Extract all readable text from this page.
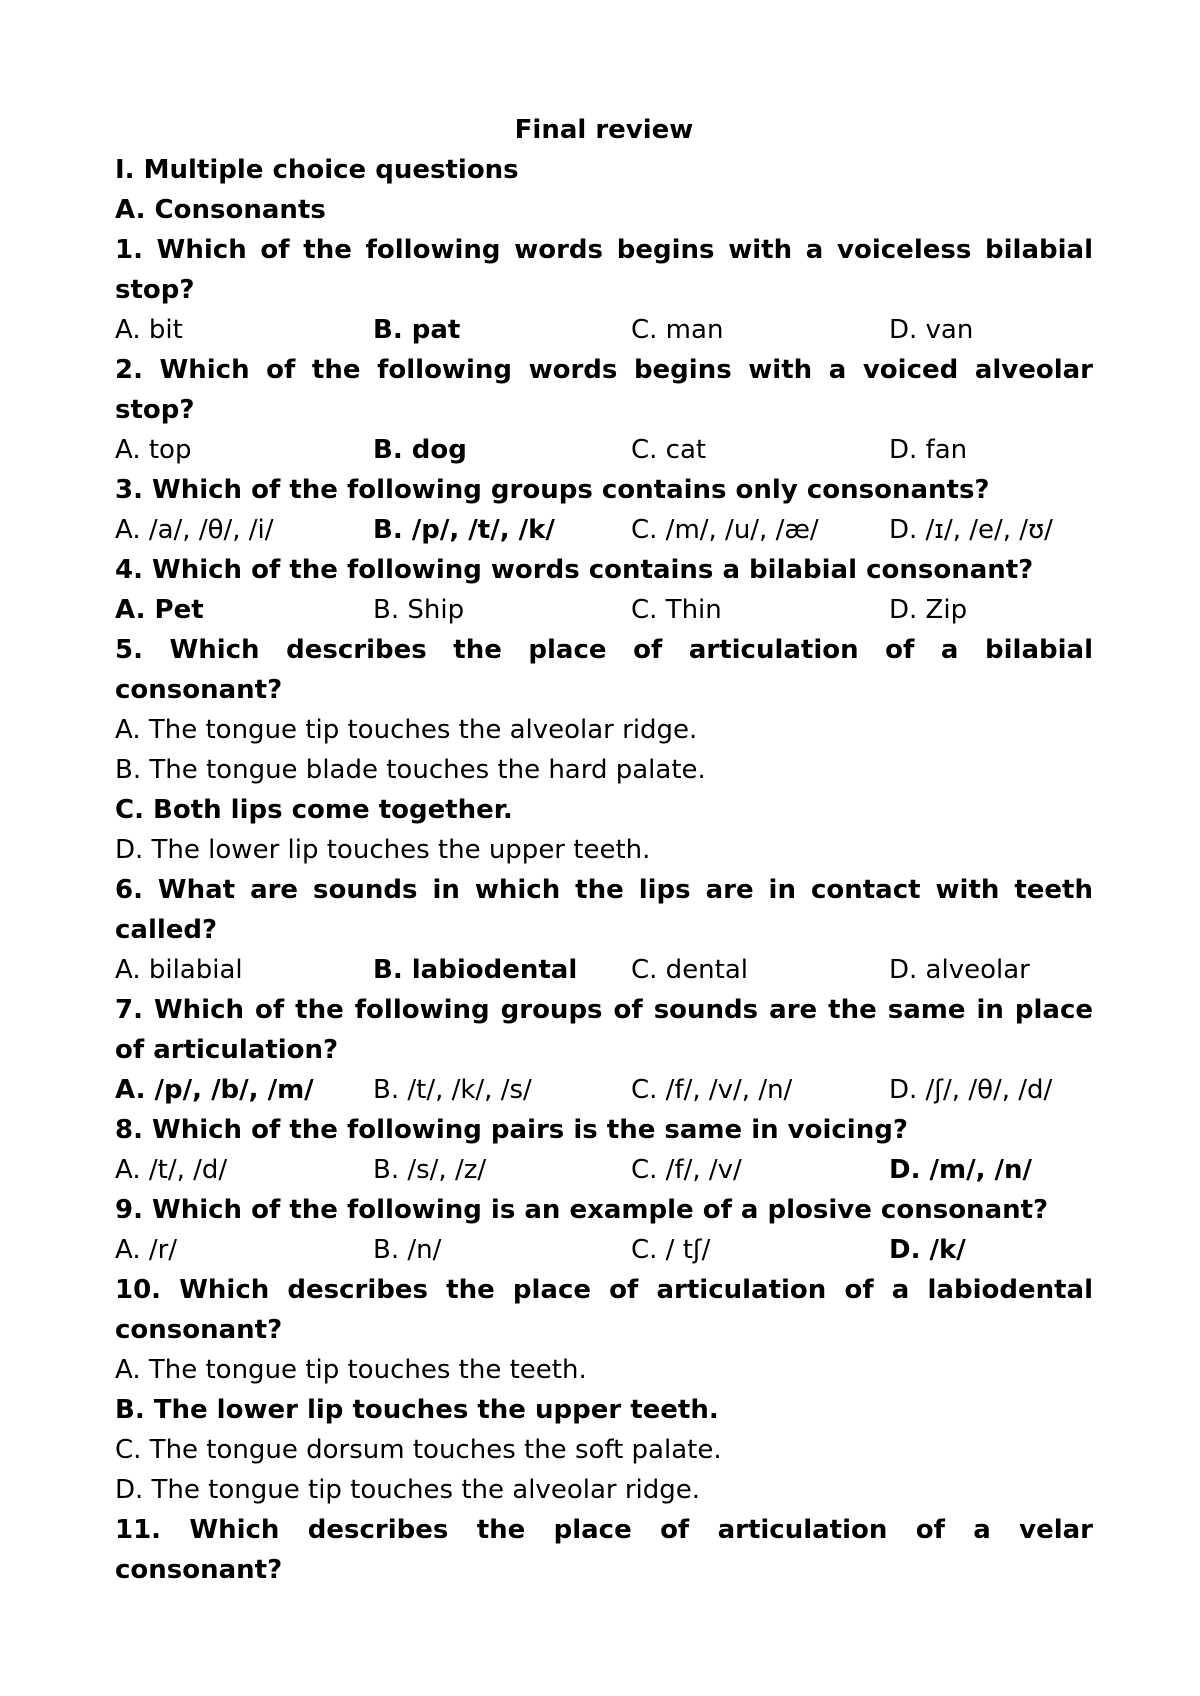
Final review
I. Multiple choice questions
A. Consonants
1. Which of the following words begins with a voiceless bilabial stop?
A. bit	B. pat	C. man	D. van
2. Which of the following words begins with a voiced alveolar stop?
A. top	B. dog	C. cat	D. fan
3. Which of the following groups contains only consonants?
A. /a/, /θ/, /i/	B. /p/, /t/, /k/	C. /m/, /u/, /æ/	D. /ɪ/, /e/, /ʊ/
4. Which of the following words contains a bilabial consonant?
A. Pet	B. Ship	C. Thin	D. Zip
5. Which describes the place of articulation of a bilabial consonant?
A. The tongue tip touches the alveolar ridge.
B. The tongue blade touches the hard palate.
C. Both lips come together.
D. The lower lip touches the upper teeth.
6. What are sounds in which the lips are in contact with teeth called?
A. bilabial	B. labiodental	C. dental	D. alveolar
7. Which of the following groups of sounds are the same in place of articulation?
A. /p/, /b/, /m/	B. /t/, /k/, /s/	C. /f/, /v/, /n/	D. /ʃ/, /θ/, /d/
8. Which of the following pairs is the same in voicing?
A. /t/, /d/	B. /s/, /z/	C. /f/, /v/	D. /m/, /n/
9. Which of the following is an example of a plosive consonant?
A. /r/	B. /n/	C. / tʃ/	D. /k/
10. Which describes the place of articulation of a labiodental consonant?
A. The tongue tip touches the teeth.
B. The lower lip touches the upper teeth.
C. The tongue dorsum touches the soft palate.
D. The tongue tip touches the alveolar ridge.
11. Which describes the place of articulation of a velar consonant?
